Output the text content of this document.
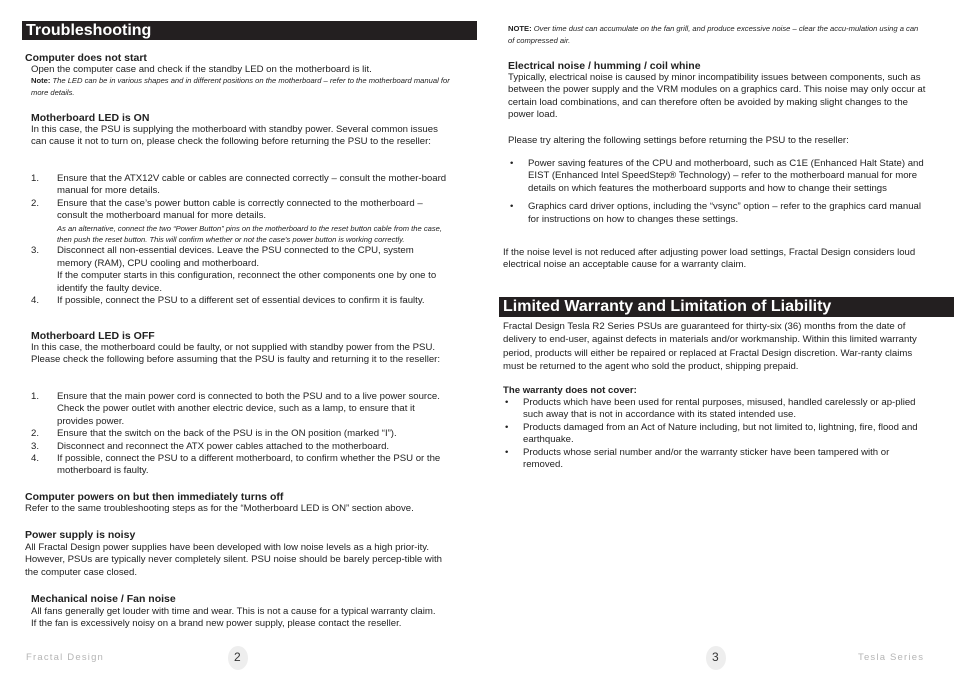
Troubleshooting
Computer does not start
Open the computer case and check if the standby LED on the motherboard is lit.
Note: The LED can be in various shapes and in different positions on the motherboard – refer to the motherboard manual for more details.
Motherboard LED is ON
In this case, the PSU is supplying the motherboard with standby power. Several common issues can cause it not to turn on, please check the following before returning the PSU to the reseller:
1. Ensure that the ATX12V cable or cables are connected correctly – consult the mother-board manual for more details.
2. Ensure that the case’s power button cable is correctly connected to the motherboard – consult the motherboard manual for more details.
As an alternative, connect the two “Power Button” pins on the motherboard to the reset button cable from the case, then push the reset button. This will confirm whether or not the case’s power button is working correctly.
3. Disconnect all non-essential devices. Leave the PSU connected to the CPU, system memory (RAM), CPU cooling and motherboard.
If the computer starts in this configuration, reconnect the other components one by one to identify the faulty device.
4. If possible, connect the PSU to a different set of essential devices to confirm it is faulty.
Motherboard LED is OFF
In this case, the motherboard could be faulty, or not supplied with standby power from the PSU. Please check the following before assuming that the PSU is faulty and returning it to the reseller:
1. Ensure that the main power cord is connected to both the PSU and to a live power source. Check the power outlet with another electric device, such as a lamp, to ensure that it provides power.
2. Ensure that the switch on the back of the PSU is in the ON position (marked “I”).
3. Disconnect and reconnect the ATX power cables attached to the motherboard.
4. If possible, connect the PSU to a different motherboard, to confirm whether the PSU or the motherboard is faulty.
Computer powers on but then immediately turns off
Refer to the same troubleshooting steps as for the “Motherboard LED is ON” section above.
Power supply is noisy
All Fractal Design power supplies have been developed with low noise levels as a high prior-ity. However, PSUs are typically never completely silent. PSU noise should be barely percep-tible with the computer case closed.
Mechanical noise / Fan noise
All fans generally get louder with time and wear. This is not a cause for a typical warranty claim. If the fan is excessively noisy on a brand new power supply, please contact the reseller.
Fractal Design	2
NOTE: Over time dust can accumulate on the fan grill, and produce excessive noise – clear the accu-mulation using a can of compressed air.
Electrical noise / humming / coil whine
Typically, electrical noise is caused by minor incompatibility issues between components, such as between the power supply and the VRM modules on a graphics card. This noise may only occur at certain load combinations, and can therefore often be avoided by making slight changes to the power load.
Please try altering the following settings before returning the PSU to the reseller:
• Power saving features of the CPU and motherboard, such as C1E (Enhanced Halt State) and EIST (Enhanced Intel SpeedStep® Technology) – refer to the motherboard manual for more details on which features the motherboard supports and how to change their settings
• Graphics card driver options, including the “vsync” option – refer to the graphics card manual for instructions on how to changes these settings.
If the noise level is not reduced after adjusting power load settings, Fractal Design considers loud electrical noise an acceptable cause for a warranty claim.
Limited Warranty and Limitation of Liability
Fractal Design Tesla R2 Series PSUs are guaranteed for thirty-six (36) months from the date of delivery to end-user, against defects in materials and/or workmanship. Within this limited warranty period, products will either be repaired or replaced at Fractal Design discretion. War-ranty claims must be returned to the agent who sold the product, shipping prepaid.
The warranty does not cover:
• Products which have been used for rental purposes, misused, handled carelessly or ap-plied such away that is not in accordance with its stated intended use.
• Products damaged from an Act of Nature including, but not limited to, lightning, fire, flood and earthquake.
• Products whose serial number and/or the warranty sticker have been tampered with or removed.
3	Tesla Series
